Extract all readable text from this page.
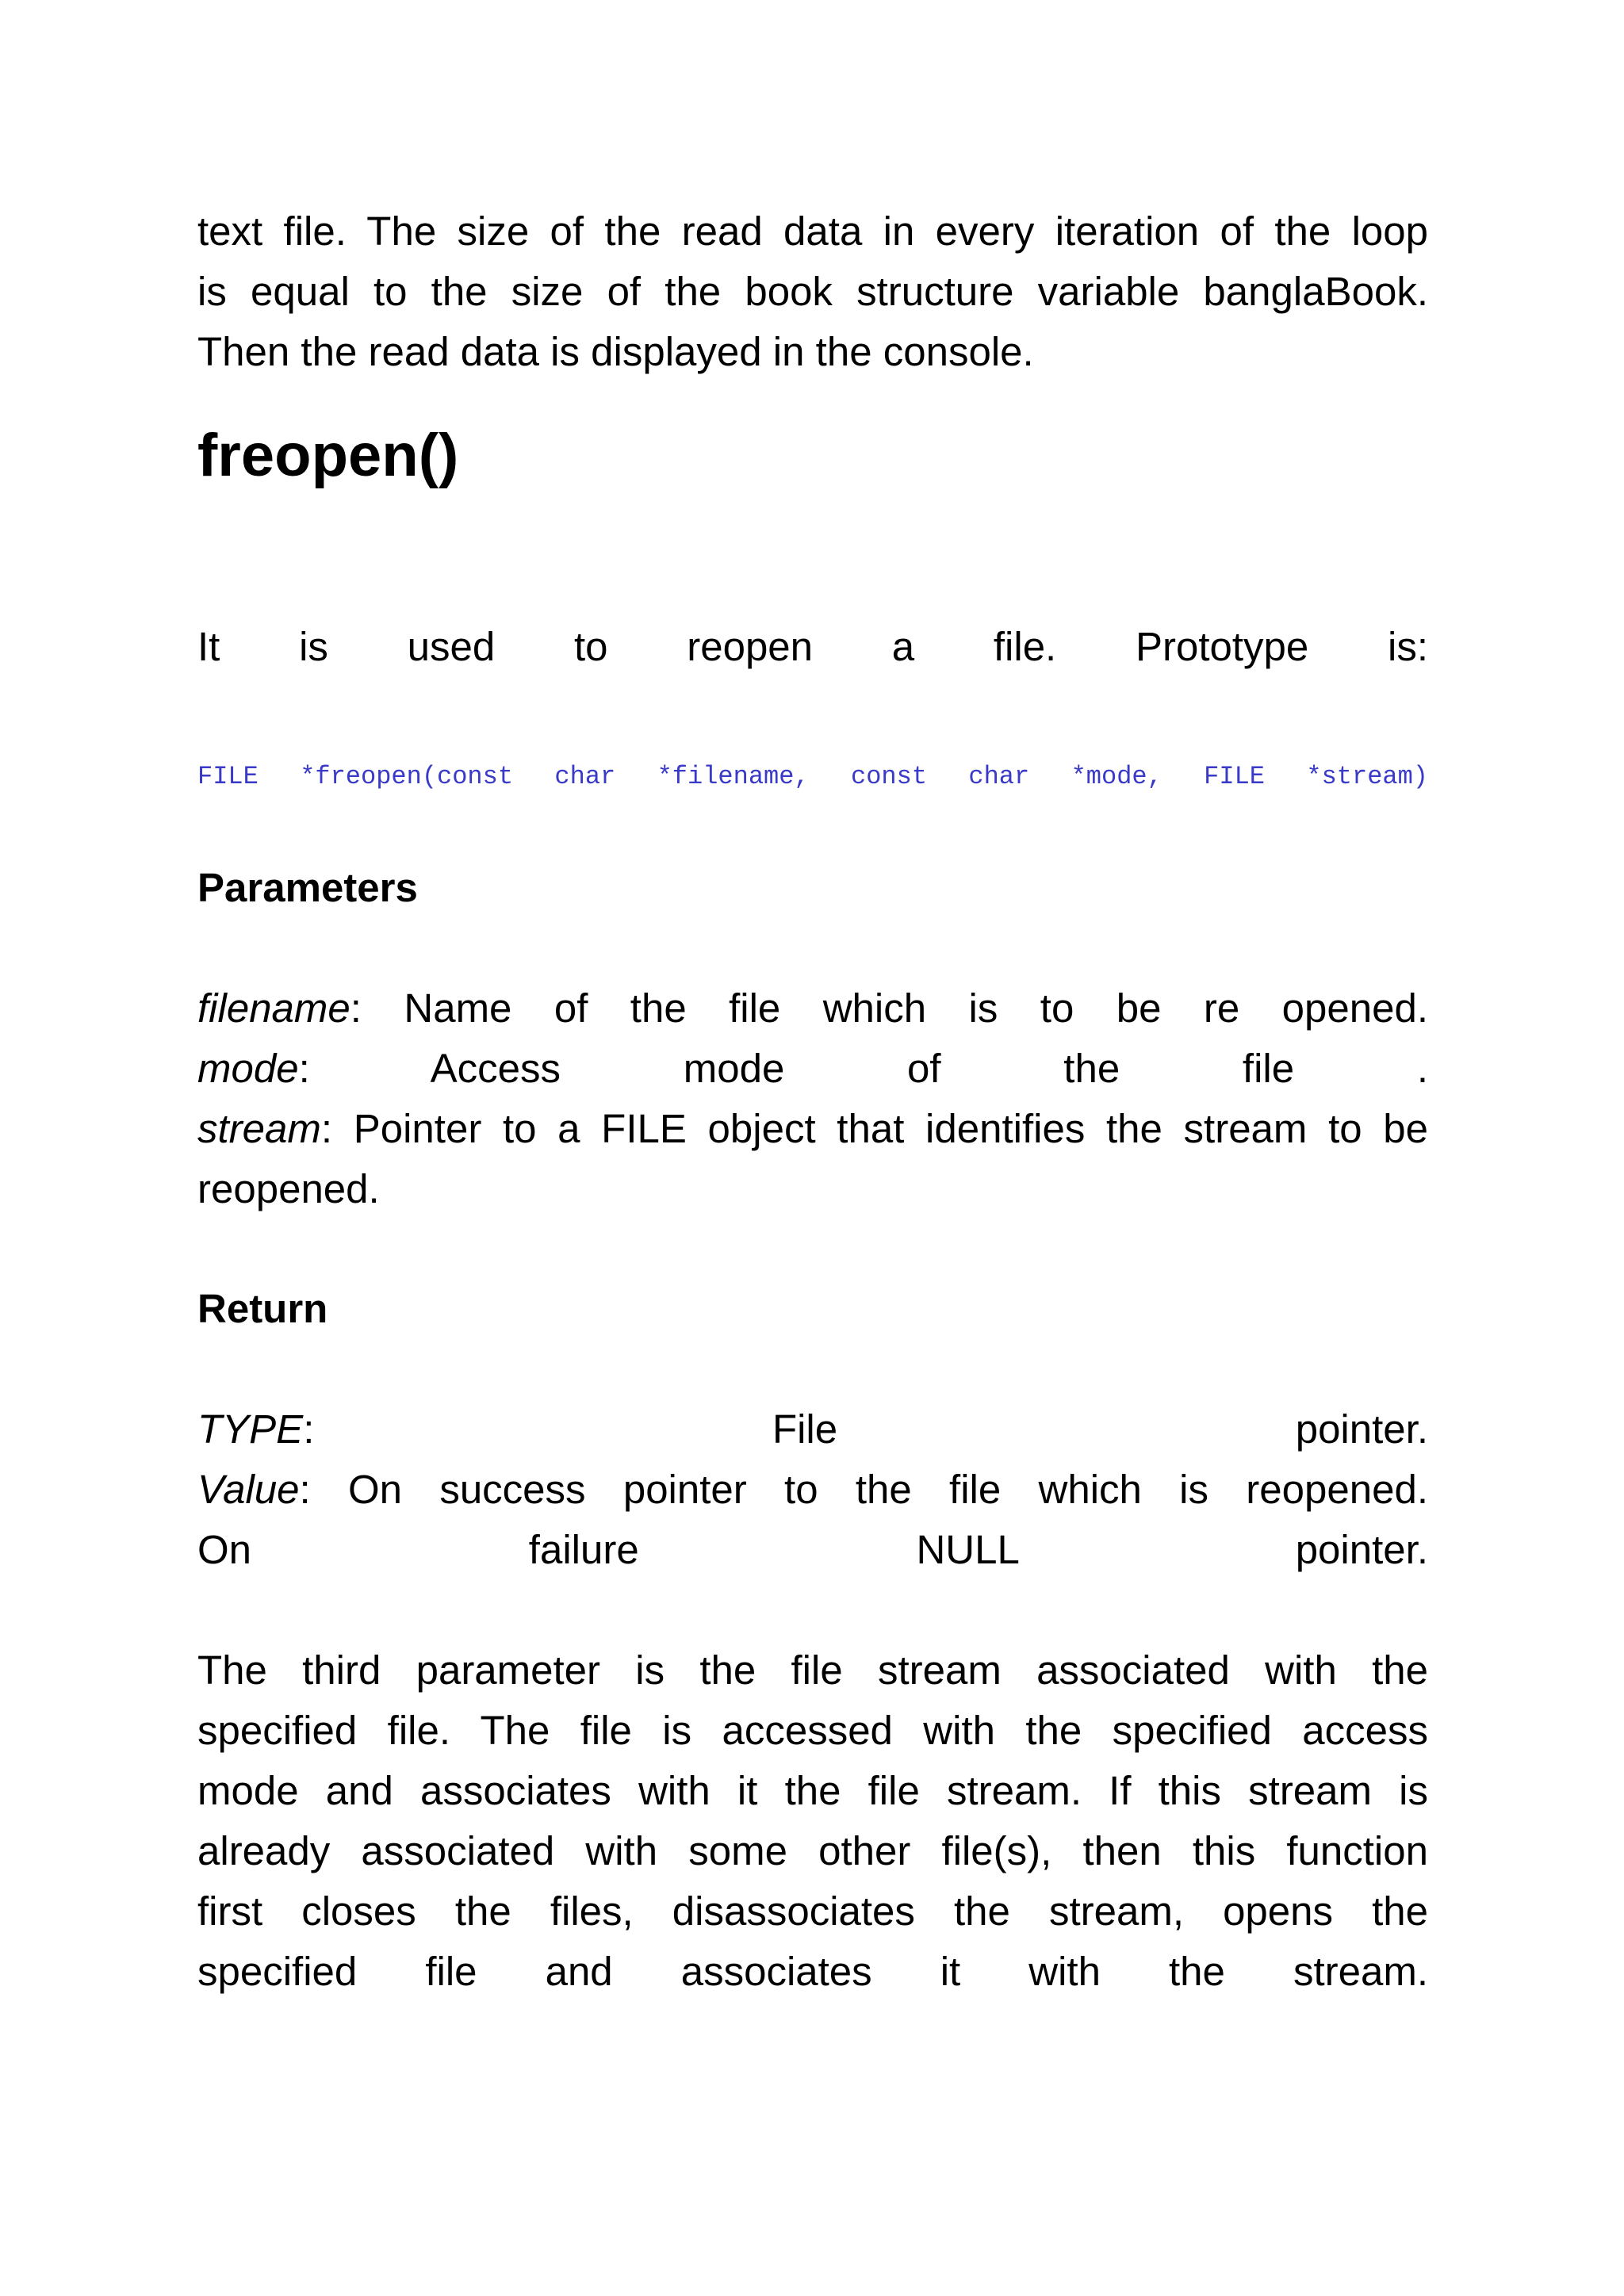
text file. The size of the read data in every iteration of the loop
is equal to the size of the book structure variable banglaBook.
Then the read data is displayed in the console.
freopen()
It is used to reopen a file. Prototype is:
FILE *freopen(const char *filename, const char *mode, FILE *stream)
Parameters
filename: Name of the file which is to be re opened.
mode: Access mode of the file .
stream: Pointer to a FILE object that identifies the stream to be
reopened.
Return
TYPE: File pointer.
Value: On success pointer to the file which is reopened.
On failure NULL pointer.
The third parameter is the file stream associated with the
specified file. The file is accessed with the specified access
mode and associates with it the file stream. If this stream is
already associated with some other file(s), then this function
first closes the files, disassociates the stream, opens the
specified file and associates it with the stream.
